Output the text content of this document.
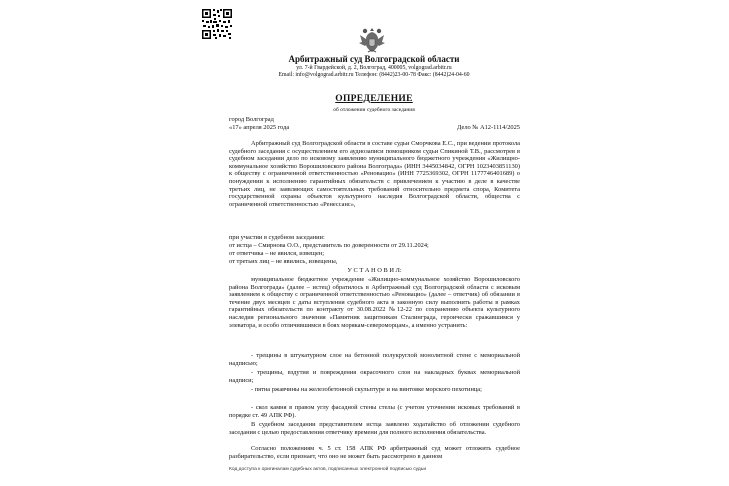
Арбитражный суд Волгоградской области

ул. 7-й Гвардейской, д. 2, Волгоград, 400005, volgograd.arbitr.ru

Email: info@volgograd.arbitr.ru Телефон: (8442)23-00-78 Факс: (8442)24-04-60

ОПРЕДЕЛЕНИЕ

об отложении судебного заседания

город Волгоград

«17» апреля 2025 года	Дело № А12-1114/2025

Арбитражный суд Волгоградской области в составе судьи Сморчкова Е.С., при ведении протокола судебного заседания с осуществлением его аудиозаписи помощником судьи Спикиной Т.В., рассмотрев в судебном заседании дело по исковому заявлению муниципального бюджетного учреждения «Жилищно-коммунальное хозяйство Ворошиловского района Волгограда» (ИНН 3445034842, ОГРН 1023403851130) к обществу с ограниченной ответственностью «Реновацио» (ИНН 7725369302, ОГРН 1177746401689) о понуждении к исполнению гарантийных обязательств с привлечением к участию в деле в качестве третьих лиц, не заявляющих самостоятельных требований относительно предмета спора, Комитета государственной охраны объектов культурного наследия Волгоградской области, общества с ограниченной ответственностью «Ренессанс»,

при участии в судебном заседании:

от истца – Смирнова О.О., представитель по доверенности от 29.11.2024;

от ответчика – не явился, извещен;

от третьих лиц – не явились, извещены,

У С Т А Н О В И Л:

муниципальное бюджетное учреждение «Жилищно-коммунальное хозяйство Ворошиловского района Волгограда» (далее – истец) обратилось в Арбитражный суд Волгоградской области с исковым заявлением к обществу с ограниченной ответственностью «Реновацио» (далее – ответчик) об обязании в течение двух месяцев с даты вступления судебного акта в законную силу выполнить работы в рамках гарантийных обязательств по контракту от 30.08.2022 №12-22 по сохранению объекта культурного наследия регионального значения «Памятник защитникам Сталинграда, героически сражавшимся у элеватора, и особо отличившимся в боях морякам-североморцам», а именно устранить:

- трещины в штукатурном слое на бетонной полукруглой монолитной стене с мемориальной надписью;

- трещины, вздутия и повреждения окрасочного слоя на накладных буквах мемориальной надписи;

- пятна ржавчины на железобетонной скульптуре и на винтовке морского пехотинца;

- скол камня в правом углу фасадной стены стелы (с учетом уточнения исковых требований в порядке ст. 49 АПК РФ).

В судебном заседании представителем истца заявлено ходатайство об отложении судебного заседания с целью предоставления ответчику времени для полного исполнения обязательства.

Согласно положениям ч. 5 ст. 158 АПК РФ арбитражный суд может отложить судебное разбирательство, если признает, что оно не может быть рассмотрено в данном

Код доступа к оригиналам судебных актов, подписанных электронной подписью судьи
